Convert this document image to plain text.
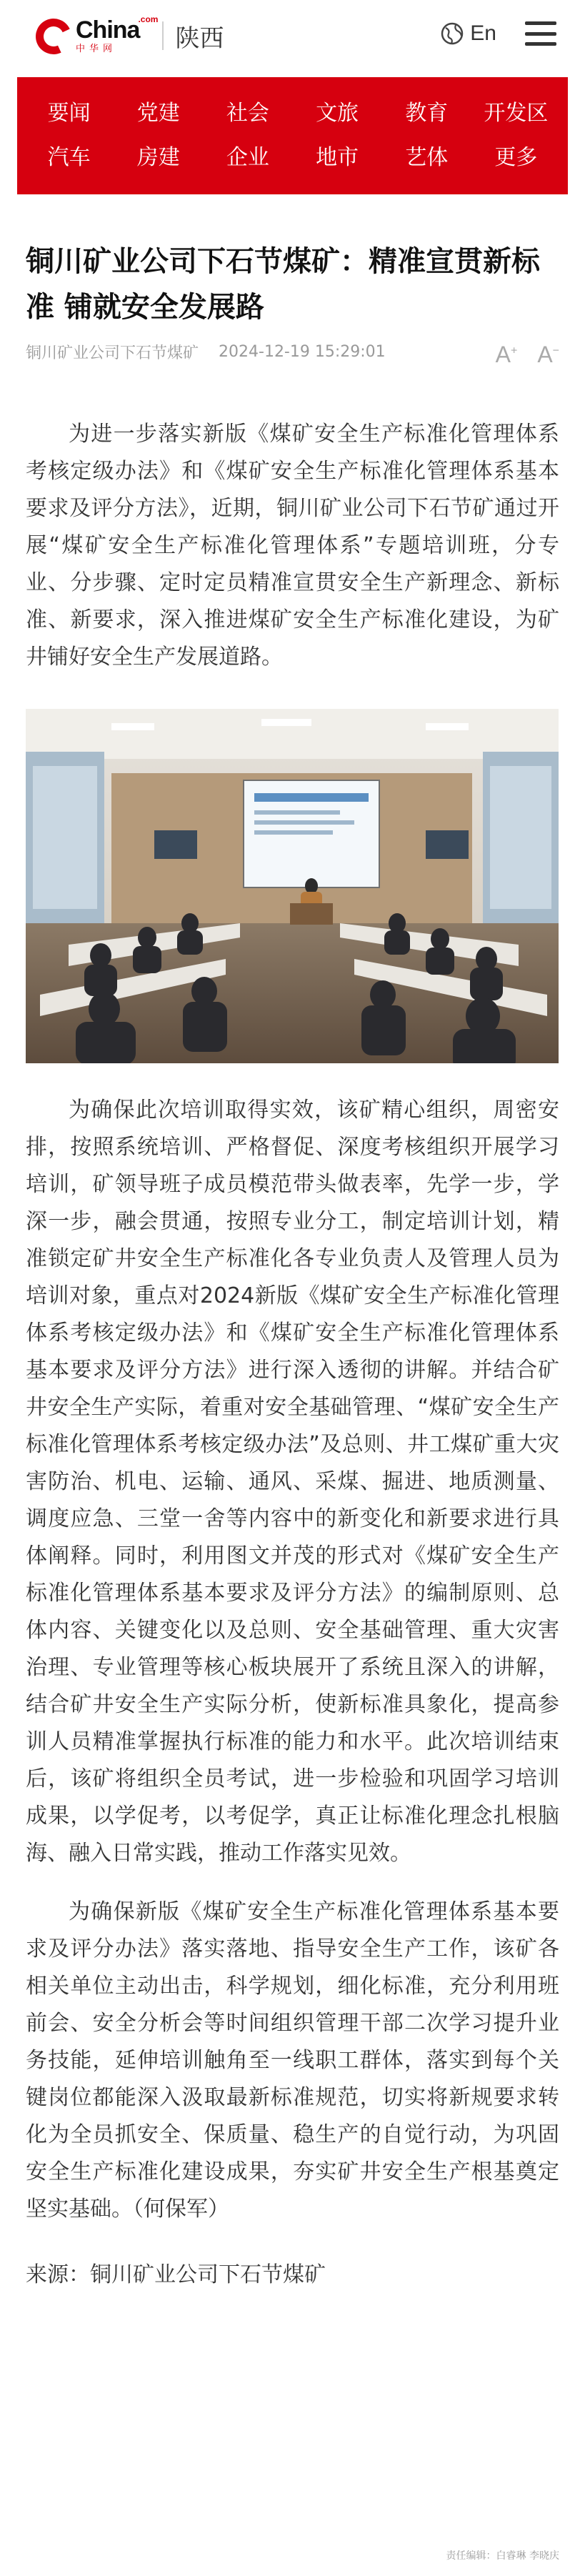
China
.com
中华网	陕西	En
要闻	党建	社会	文旅	教育	开发区
汽车	房建	企业	地市	艺体	更多
铜川矿业公司下石节煤矿：精准宣贯新标准 铺就安全发展路
铜川矿业公司下石节煤矿 2024-12-19 15:29:01	A+ A−

为进一步落实新版《煤矿安全生产标准化管理体系考核定级办法》和《煤矿安全生产标准化管理体系基本要求及评分方法》，近期，铜川矿业公司下石节矿通过开展“煤矿安全生产标准化管理体系”专题培训班，分专业、分步骤、定时定员精准宣贯安全生产新理念、新标准、新要求，深入推进煤矿安全生产标准化建设，为矿井铺好安全生产发展道路。

为确保此次培训取得实效，该矿精心组织，周密安排，按照系统培训、严格督促、深度考核组织开展学习培训，矿领导班子成员模范带头做表率，先学一步，学深一步，融会贯通，按照专业分工，制定培训计划，精准锁定矿井安全生产标准化各专业负责人及管理人员为培训对象，重点对2024新版《煤矿安全生产标准化管理体系考核定级办法》和《煤矿安全生产标准化管理体系基本要求及评分方法》进行深入透彻的讲解。并结合矿井安全生产实际，着重对安全基础管理、“煤矿安全生产标准化管理体系考核定级办法”及总则、井工煤矿重大灾害防治、机电、运输、通风、采煤、掘进、地质测量、调度应急、三堂一舍等内容中的新变化和新要求进行具体阐释。同时，利用图文并茂的形式对《煤矿安全生产标准化管理体系基本要求及评分方法》的编制原则、总体内容、关键变化以及总则、安全基础管理、重大灾害治理、专业管理等核心板块展开了系统且深入的讲解，结合矿井安全生产实际分析，使新标准具象化，提高参训人员精准掌握执行标准的能力和水平。此次培训结束后，该矿将组织全员考试，进一步检验和巩固学习培训成果，以学促考，以考促学，真正让标准化理念扎根脑海、融入日常实践，推动工作落实见效。

为确保新版《煤矿安全生产标准化管理体系基本要求及评分办法》落实落地、指导安全生产工作，该矿各相关单位主动出击，科学规划，细化标准，充分利用班前会、安全分析会等时间组织管理干部二次学习提升业务技能，延伸培训触角至一线职工群体，落实到每个关键岗位都能深入汲取最新标准规范，切实将新规要求转化为全员抓安全、保质量、稳生产的自觉行动，为巩固安全生产标准化建设成果，夯实矿井安全生产根基奠定坚实基础。（何保军）

来源：铜川矿业公司下石节煤矿
责任编辑：白睿琳 李晓庆
